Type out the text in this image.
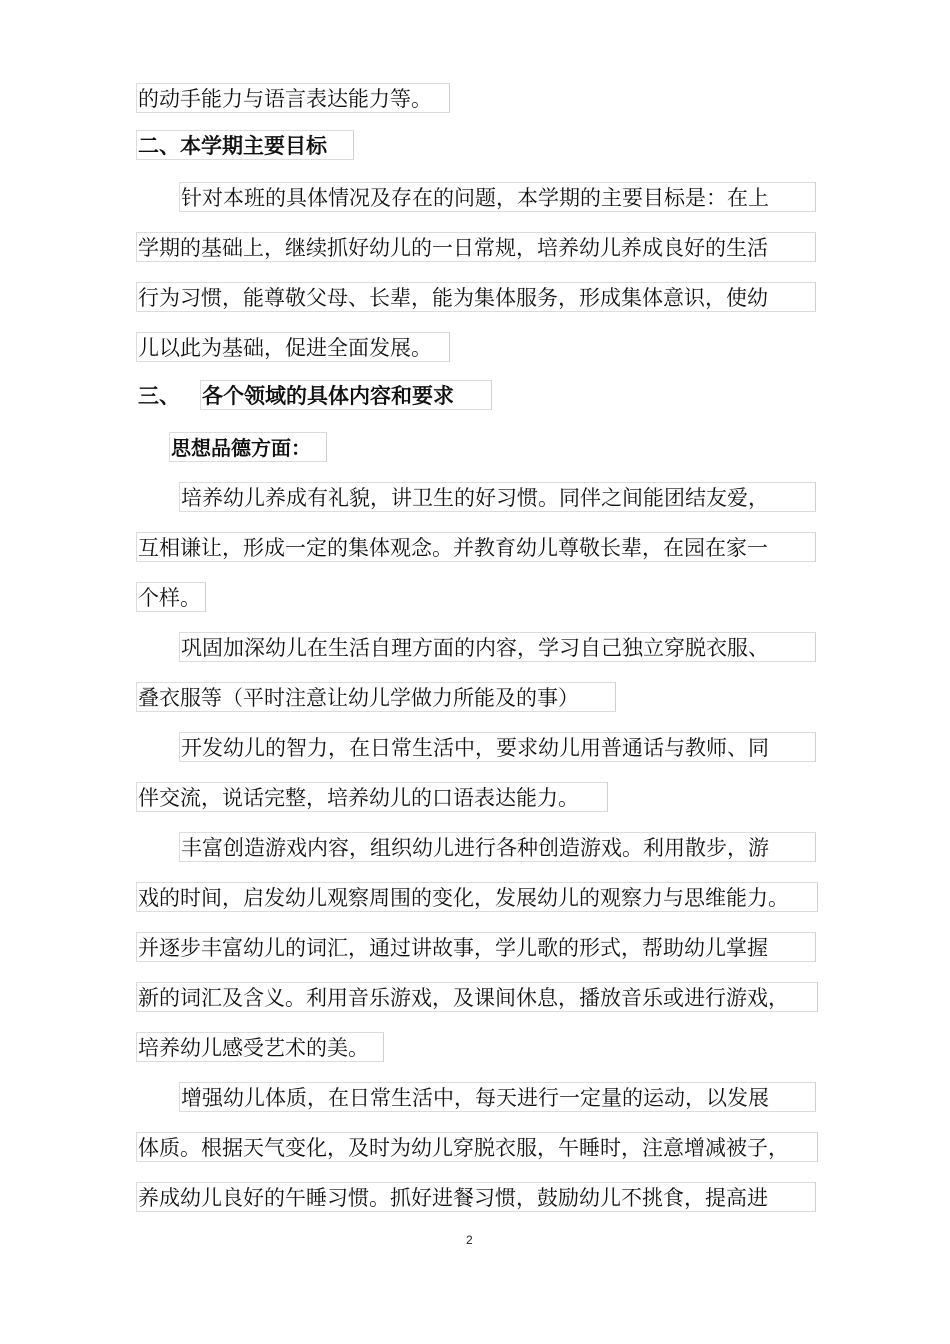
的动手能力与语言表达能力等。
二、本学期主要目标
针对本班的具体情况及存在的问题，本学期的主要目标是：在上
学期的基础上，继续抓好幼儿的一日常规，培养幼儿养成良好的生活
行为习惯，能尊敬父母、长辈，能为集体服务，形成集体意识，使幼
儿以此为基础，促进全面发展。
三、 各个领域的具体内容和要求
思想品德方面：
培养幼儿养成有礼貌，讲卫生的好习惯。同伴之间能团结友爱，
互相谦让，形成一定的集体观念。并教育幼儿尊敬长辈，在园在家一
个样。
巩固加深幼儿在生活自理方面的内容，学习自己独立穿脱衣服、
叠衣服等（平时注意让幼儿学做力所能及的事）
开发幼儿的智力，在日常生活中，要求幼儿用普通话与教师、同
伴交流，说话完整，培养幼儿的口语表达能力。
丰富创造游戏内容，组织幼儿进行各种创造游戏。利用散步，游
戏的时间，启发幼儿观察周围的变化，发展幼儿的观察力与思维能力。
并逐步丰富幼儿的词汇，通过讲故事，学儿歌的形式，帮助幼儿掌握
新的词汇及含义。利用音乐游戏，及课间休息，播放音乐或进行游戏，
培养幼儿感受艺术的美。
增强幼儿体质，在日常生活中，每天进行一定量的运动，以发展
体质。根据天气变化，及时为幼儿穿脱衣服，午睡时，注意增减被子，
养成幼儿良好的午睡习惯。抓好进餐习惯，鼓励幼儿不挑食，提高进
2
